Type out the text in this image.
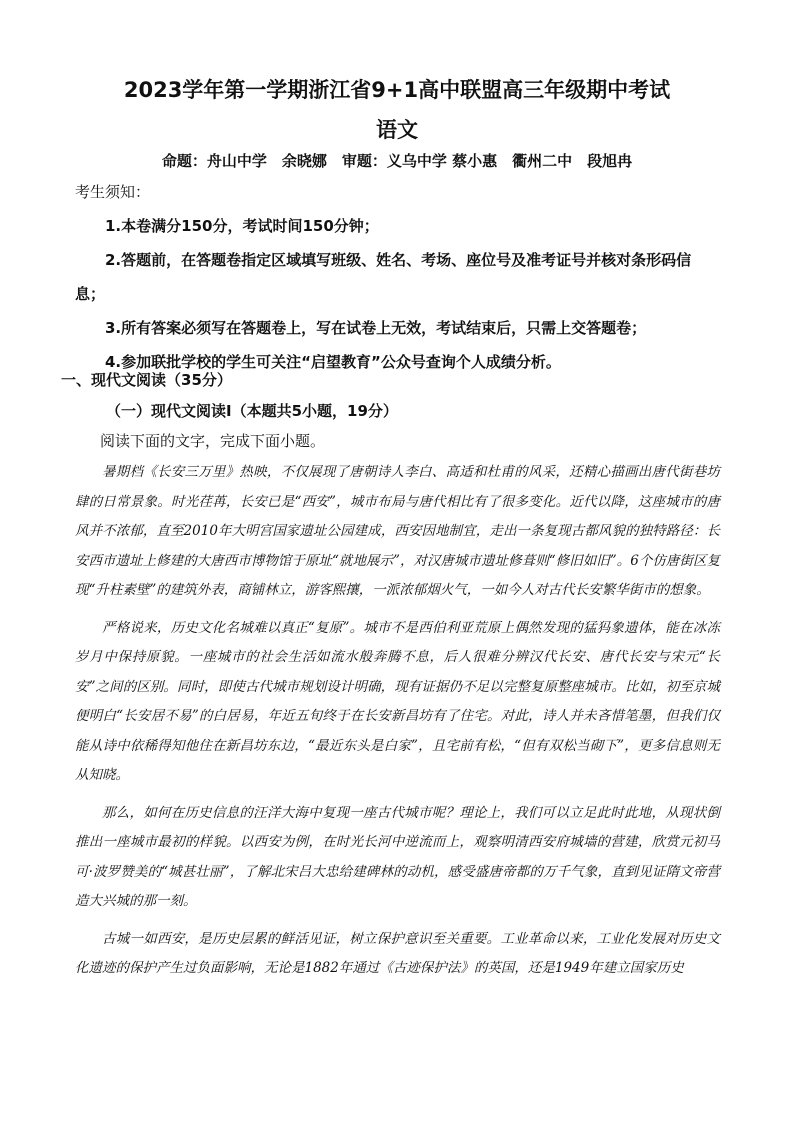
2023学年第一学期浙江省9+1高中联盟高三年级期中考试
语文

命题：舟山中学　余晓娜　审题：义乌中学 蔡小惠　衢州二中　段旭冉

考生须知：

1.本卷满分150分，考试时间150分钟；
2.答题前，在答题卷指定区域填写班级、姓名、考场、座位号及准考证号并核对条形码信息；
3.所有答案必须写在答题卷上，写在试卷上无效，考试结束后，只需上交答题卷；
4.参加联批学校的学生可关注“启望教育”公众号查询个人成绩分析。

一、现代文阅读（35分）

（一）现代文阅读Ⅰ（本题共5小题，19分）

阅读下面的文字，完成下面小题。

暑期档《长安三万里》热映，不仅展现了唐朝诗人李白、高适和杜甫的风采，还精心描画出唐代街巷坊肆的日常景象。时光荏苒，长安已是“西安”，城市布局与唐代相比有了很多变化。近代以降，这座城市的唐风并不浓郁，直至2010年大明宫国家遗址公园建成，西安因地制宜，走出一条复现古都风貌的独特路径：长安西市遗址上修建的大唐西市博物馆于原址“就地展示”，对汉唐城市遗址修葺则“修旧如旧”。6个仿唐街区复现“升柱素壁”的建筑外表，商铺林立，游客熙攘，一派浓郁烟火气，一如今人对古代长安繁华街市的想象。

严格说来，历史文化名城难以真正“复原”。城市不是西伯利亚荒原上偶然发现的猛犸象遗体，能在冰冻岁月中保持原貌。一座城市的社会生活如流水般奔腾不息，后人很难分辨汉代长安、唐代长安与宋元“长安”之间的区别。同时，即使古代城市规划设计明确，现有证据仍不足以完整复原整座城市。比如，初至京城便明白“长安居不易”的白居易，年近五旬终于在长安新昌坊有了住宅。对此，诗人并未吝惜笔墨，但我们仅能从诗中依稀得知他住在新昌坊东边，“最近东头是白家”，且宅前有松，“但有双松当砌下”，更多信息则无从知晓。

那么，如何在历史信息的汪洋大海中复现一座古代城市呢？理论上，我们可以立足此时此地，从现状倒推出一座城市最初的样貌。以西安为例，在时光长河中逆流而上，观察明清西安府城墙的营建，欣赏元初马可·波罗赞美的“城甚壮丽”，了解北宋吕大忠给建碑林的动机，感受盛唐帝都的万千气象，直到见证隋文帝营造大兴城的那一刻。

古城一如西安，是历史层累的鲜活见证，树立保护意识至关重要。工业革命以来，工业化发展对历史文化遗迹的保护产生过负面影响，无论是1882年通过《古迹保护法》的英国，还是1949年建立国家历史
